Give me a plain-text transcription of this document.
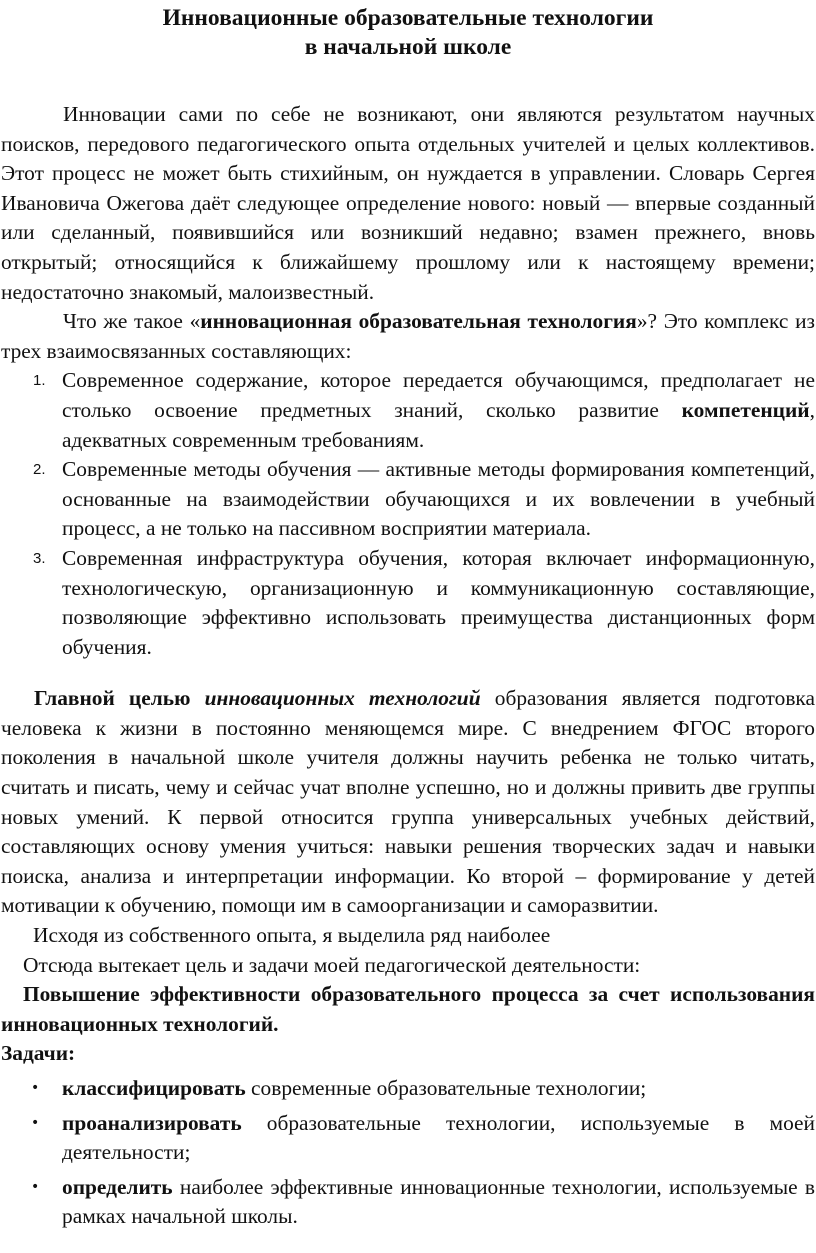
Инновационные образовательные технологии
в начальной школе

Инновации сами по себе не возникают, они являются результатом научных поисков, передового педагогического опыта отдельных учителей и целых коллективов. Этот процесс не может быть стихийным, он нуждается в управлении. Словарь Сергея Ивановича Ожегова даёт следующее определение нового: новый — впервые созданный или сделанный, появившийся или возникший недавно; взамен прежнего, вновь открытый; относящийся к ближайшему прошлому или к настоящему времени; недостаточно знакомый, малоизвестный.

Что же такое «инновационная образовательная технология»? Это комплекс из трех взаимосвязанных составляющих:

1. Современное содержание, которое передается обучающимся, предполагает не столько освоение предметных знаний, сколько развитие компетенций, адекватных современным требованиям.
2. Современные методы обучения — активные методы формирования компетенций, основанные на взаимодействии обучающихся и их вовлечении в учебный процесс, а не только на пассивном восприятии материала.
3. Современная инфраструктура обучения, которая включает информационную, технологическую, организационную и коммуникационную составляющие, позволяющие эффективно использовать преимущества дистанционных форм обучения.

Главной целью инновационных технологий образования является подготовка человека к жизни в постоянно меняющемся мире. С внедрением ФГОС второго поколения в начальной школе учителя должны научить ребенка не только читать, считать и писать, чему и сейчас учат вполне успешно, но и должны привить две группы новых умений. К первой относится группа универсальных учебных действий, составляющих основу умения учиться: навыки решения творческих задач и навыки поиска, анализа и интерпретации информации. Ко второй – формирование у детей мотивации к обучению, помощи им в самоорганизации и саморазвитии.

Исходя из собственного опыта, я выделила ряд наиболее

Отсюда вытекает цель и задачи моей педагогической деятельности:

Повышение эффективности образовательного процесса за счет использования инновационных технологий.

Задачи:

• классифицировать современные образовательные технологии;
• проанализировать образовательные технологии, используемые в моей деятельности;
• определить наиболее эффективные инновационные технологии, используемые в рамках начальной школы.
